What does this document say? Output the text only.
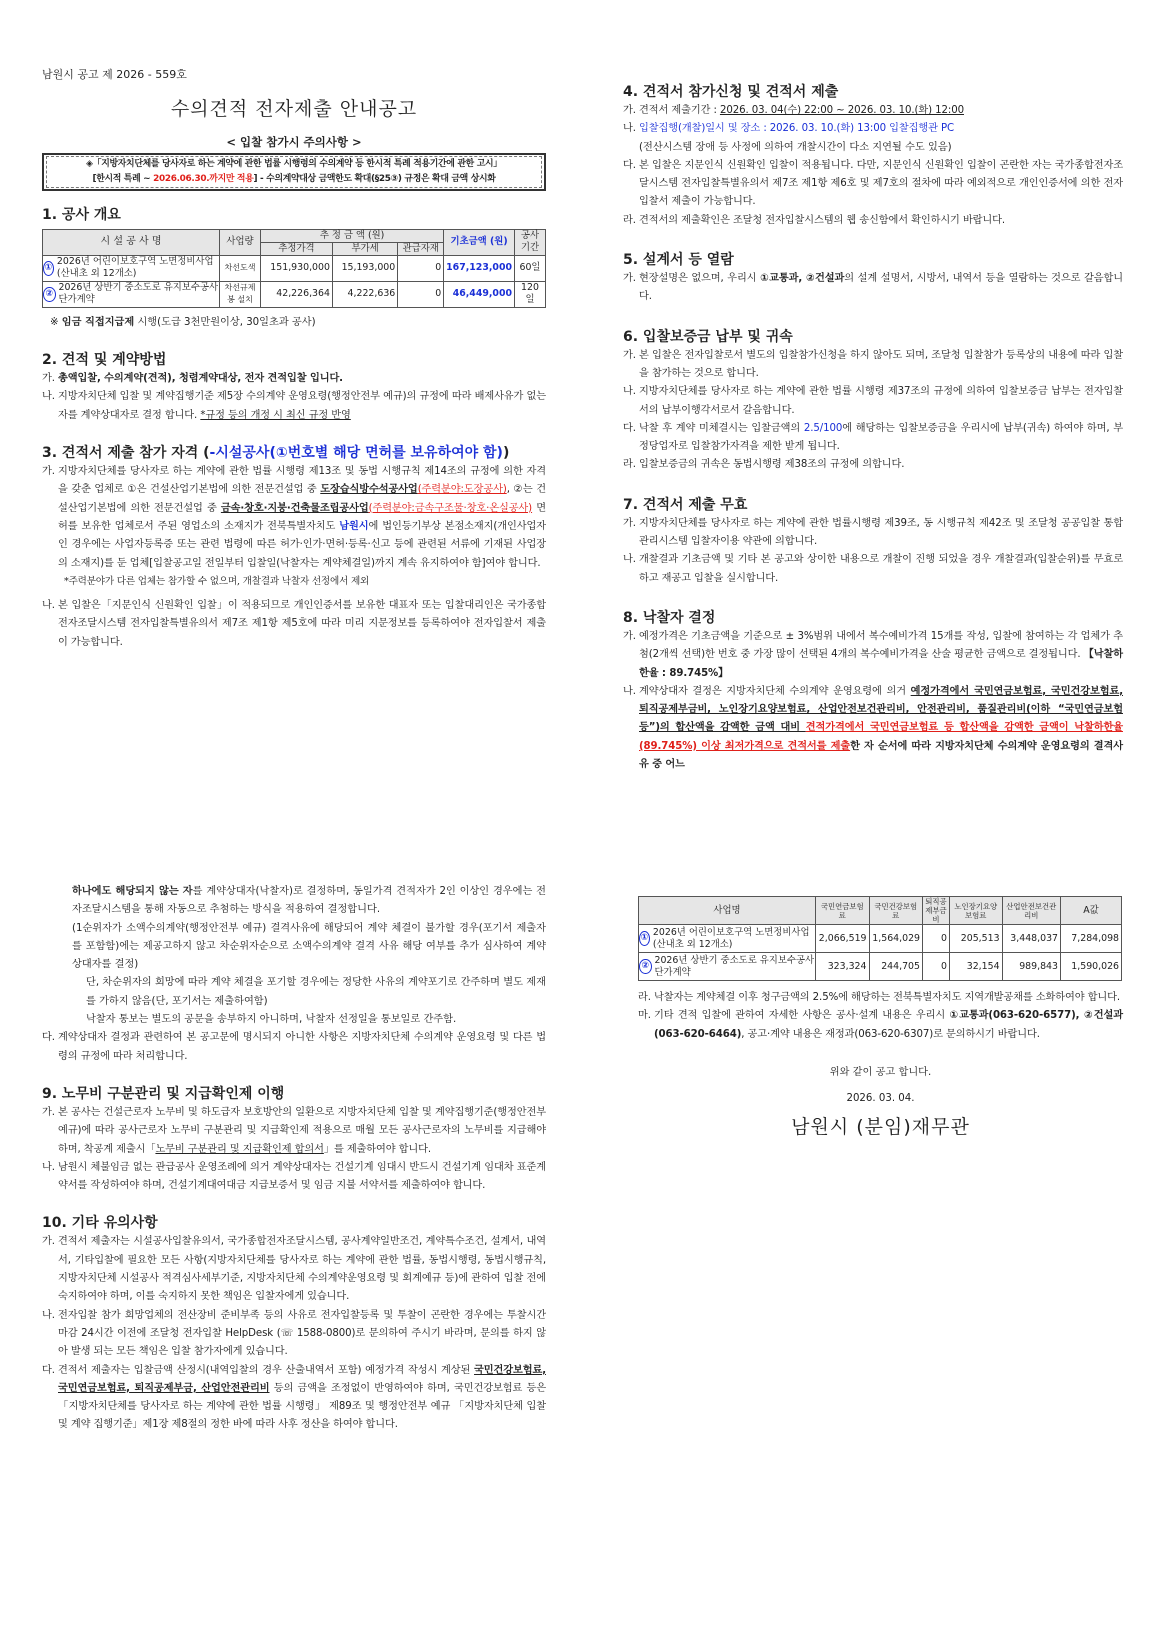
남원시 공고 제 2026 - 559호
수의견적 전자제출 안내공고
< 입찰 참가시 주의사항 >
◈「지방자치단체를 당사자로 하는 계약에 관한 법률 시행령의 수의계약 등 한시적 특례 적용기간에 관한 고시」
[한시적 특례 ~ 2026.06.30.까지만 적용] - 수의계약대상 금액한도 확대(§25③) 규정은 확대 금액 상시화
1. 공사 개요
시 설 공 사 명	사업량	추 정 금 액 (원)			기초금액 (원)	공사 기간
		추정가격	부가세	관급자재		

①
2026년 어린이보호구역 노면정비사업(산내초 외 12개소)	차선도색	151,930,000	15,193,000	0	167,123,000	60일

②
2026년 상반기 중소도로 유지보수공사 단가계약	차선규제봉 설치	42,226,364	4,222,636	0	46,449,000	120일
※ 임금 직접지급제 시행(도급 3천만원이상, 30일초과 공사)
2. 견적 및 계약방법
가. 총액입찰, 수의계약(견적), 청렴계약대상, 전자 견적입찰 입니다.
나. 지방자치단체 입찰 및 계약집행기준 제5장 수의계약 운영요령(행정안전부 예규)의 규정에 따라 배제사유가 없는 자를 계약상대자로 결정 합니다. *규정 등의 개정 시 최신 규정 반영
3. 견적서 제출 참가 자격 (-시설공사(①번호별 해당 면허를 보유하여야 함))
가. 지방자치단체를 당사자로 하는 계약에 관한 법률 시행령 제13조 및 동법 시행규칙 제14조의 규정에 의한 자격을 갖춘 업체로 ①은 건설산업기본법에 의한 전문건설업 중 도장습식방수석공사업(주력분야:도장공사), ②는 건설산업기본법에 의한 전문건설업 중 금속·창호·지붕·건축물조립공사업(주력분야:금속구조물·창호·온실공사) 면허를 보유한 업체로서 주된 영업소의 소재지가 전북특별자치도 남원시에 법인등기부상 본점소재지(개인사업자인 경우에는 사업자등록증 또는 관련 법령에 따른 허가·인가·면허·등록·신고 등에 관련된 서류에 기재된 사업장의 소재지)를 둔 업체[입찰공고일 전일부터 입찰일(낙찰자는 계약체결일)까지 계속 유지하여야 함]여야 합니다.
*주력분야가 다른 업체는 참가할 수 없으며, 개찰결과 낙찰자 선정에서 제외
나. 본 입찰은「지문인식 신원확인 입찰」이 적용되므로 개인인증서를 보유한 대표자 또는 입찰대리인은 국가종합전자조달시스템 전자입찰특별유의서 제7조 제1항 제5호에 따라 미리 지문정보를 등록하여야 전자입찰서 제출이 가능합니다.
하나에도 해당되지 않는 자를 계약상대자(낙찰자)로 결정하며, 동일가격 견적자가 2인 이상인 경우에는 전자조달시스템을 통해 자동으로 추첨하는 방식을 적용하여 결정합니다.
(1순위자가 소액수의계약(행정안전부 예규) 결격사유에 해당되어 계약 체결이 불가할 경우(포기서 제출자를 포함함)에는 제공고하지 않고 차순위자순으로 소액수의계약 결격 사유 해당 여부를 추가 심사하여 계약상대자를 결정)
단, 차순위자의 희망에 따라 계약 체결을 포기할 경우에는 정당한 사유의 계약포기로 간주하며 별도 제재를 가하지 않음(단, 포기서는 제출하여함)
낙찰자 통보는 별도의 공문을 송부하지 아니하며, 낙찰자 선정일을 통보일로 간주함.
다. 계약상대자 결정과 관련하여 본 공고문에 명시되지 아니한 사항은 지방자치단체 수의계약 운영요령 및 다른 법령의 규정에 따라 처리합니다.
9. 노무비 구분관리 및 지급확인제 이행
가. 본 공사는 건설근로자 노무비 및 하도급자 보호방안의 일환으로 지방자치단체 입찰 및 계약집행기준(행정안전부 예규)에 따라 공사근로자 노무비 구분관리 및 지급확인제 적용으로 매월 모든 공사근로자의 노무비를 지급해야 하며, 착공계 제출시「노무비 구분관리 및 지급확인제 합의서」를 제출하여야 합니다.
나. 남원시 체불임금 없는 관급공사 운영조례에 의거 계약상대자는 건설기계 임대시 반드시 건설기계 임대차 표준계약서를 작성하여야 하며, 건설기계대여대금 지급보증서 및 임금 지불 서약서를 제출하여야 합니다.
10. 기타 유의사항
가. 견적서 제출자는 시설공사입찰유의서, 국가종합전자조달시스템, 공사계약일반조건, 계약특수조건, 설계서, 내역서, 기타입찰에 필요한 모든 사항(지방자치단체를 당사자로 하는 계약에 관한 법률, 동법시행령, 동법시행규칙, 지방자치단체 시설공사 적격심사세부기준, 지방자치단체 수의계약운영요령 및 회계예규 등)에 관하여 입찰 전에 숙지하여야 하며, 이를 숙지하지 못한 책임은 입찰자에게 있습니다.
나. 전자입찰 참가 희망업체의 전산장비 준비부족 등의 사유로 전자입찰등록 및 투찰이 곤란한 경우에는 투찰시간 마감 24시간 이전에 조달청 전자입찰 HelpDesk (☏ 1588-0800)로 문의하여 주시기 바라며, 문의를 하지 않아 발생 되는 모든 책임은 입찰 참가자에게 있습니다.
다. 견적서 제출자는 입찰금액 산정시(내역입찰의 경우 산출내역서 포함) 예정가격 작성시 계상된 국민건강보험료, 국민연금보험료, 퇴직공제부금, 산업안전관리비 등의 금액을 조정없이 반영하여야 하며, 국민건강보험료 등은 「지방자치단체를 당사자로 하는 계약에 관한 법률 시행령」 제89조 및 행정안전부 예규 「지방자치단체 입찰 및 계약 집행기준」제1장 제8절의 정한 바에 따라 사후 정산을 하여야 합니다.
4. 견적서 참가신청 및 견적서 제출
가. 견적서 제출기간 : 2026. 03. 04(수) 22:00 ~ 2026. 03. 10.(화) 12:00
나. 입찰집행(개찰)일시 및 장소 : 2026. 03. 10.(화) 13:00 입찰집행관 PC
(전산시스템 장애 등 사정에 의하여 개찰시간이 다소 지연될 수도 있음)
다. 본 입찰은 지문인식 신원확인 입찰이 적용됩니다. 다만, 지문인식 신원확인 입찰이 곤란한 자는 국가종합전자조달시스템 전자입찰특별유의서 제7조 제1항 제6호 및 제7호의 절차에 따라 예외적으로 개인인증서에 의한 전자입찰서 제출이 가능합니다.
라. 견적서의 제출확인은 조달청 전자입찰시스템의 웹 송신함에서 확인하시기 바랍니다.
5. 설계서 등 열람
가. 현장설명은 없으며, 우리시 ①교통과, ②건설과의 설계 설명서, 시방서, 내역서 등을 열람하는 것으로 갈음합니다.
6. 입찰보증금 납부 및 귀속
가. 본 입찰은 전자입찰로서 별도의 입찰참가신청을 하지 않아도 되며, 조달청 입찰참가 등록상의 내용에 따라 입찰을 참가하는 것으로 합니다.
나. 지방자치단체를 당사자로 하는 계약에 관한 법률 시행령 제37조의 규정에 의하여 입찰보증금 납부는 전자입찰서의 납부이행각서로서 갈음합니다.
다. 낙찰 후 계약 미체결시는 입찰금액의 2.5/100에 해당하는 입찰보증금을 우리시에 납부(귀속) 하여야 하며, 부정당업자로 입찰참가자격을 제한 받게 됩니다.
라. 입찰보증금의 귀속은 동법시행령 제38조의 규정에 의합니다.
7. 견적서 제출 무효
가. 지방자치단체를 당사자로 하는 계약에 관한 법률시행령 제39조, 동 시행규칙 제42조 및 조달청 공공입찰 통합관리시스템 입찰자이용 약관에 의합니다.
나. 개찰결과 기초금액 및 기타 본 공고와 상이한 내용으로 개찰이 진행 되었을 경우 개찰결과(입찰순위)를 무효로 하고 재공고 입찰을 실시합니다.
8. 낙찰자 결정
가. 예정가격은 기초금액을 기준으로 ± 3%범위 내에서 복수예비가격 15개를 작성, 입찰에 참여하는 각 업체가 추첨(2개씩 선택)한 번호 중 가장 많이 선택된 4개의 복수예비가격을 산술 평균한 금액으로 결정됩니다. 【낙찰하한율 : 89.745%】
나. 계약상대자 결정은 지방자치단체 수의계약 운영요령에 의거 예정가격에서 국민연금보험료, 국민건강보험료, 퇴직공제부금비, 노인장기요양보험료, 산업안전보건관리비, 안전관리비, 품질관리비(이하 “국민연금보험 등”)의 합산액을 감액한 금액 대비 견적가격에서 국민연금보험료 등 합산액을 감액한 금액이 낙찰하한율(89.745%) 이상 최저가격으로 견적서를 제출한 자 순서에 따라 지방자치단체 수의계약 운영요령의 결격사유 중 어느
사업명	국민연금보험료	국민건강보험료	퇴직공제부금비	노인장기요양보험료	산업안전보건관리비	A값

①
2026년 어린이보호구역 노면정비사업(산내초 외 12개소)	2,066,519	1,564,029	0	205,513	3,448,037	7,284,098

②
2026년 상반기 중소도로 유지보수공사 단가계약	323,324	244,705	0	32,154	989,843	1,590,026
라. 낙찰자는 계약체결 이후 청구금액의 2.5%에 해당하는 전북특별자치도 지역개발공채를 소화하여야 합니다.
마. 기타 견적 입찰에 관하여 자세한 사항은 공사·설계 내용은 우리시 ①교통과(063-620-6577), ②건설과(063-620-6464), 공고·계약 내용은 재정과(063-620-6307)로 문의하시기 바랍니다.
위와 같이 공고 합니다.
2026. 03. 04.
남원시 (분임)재무관
